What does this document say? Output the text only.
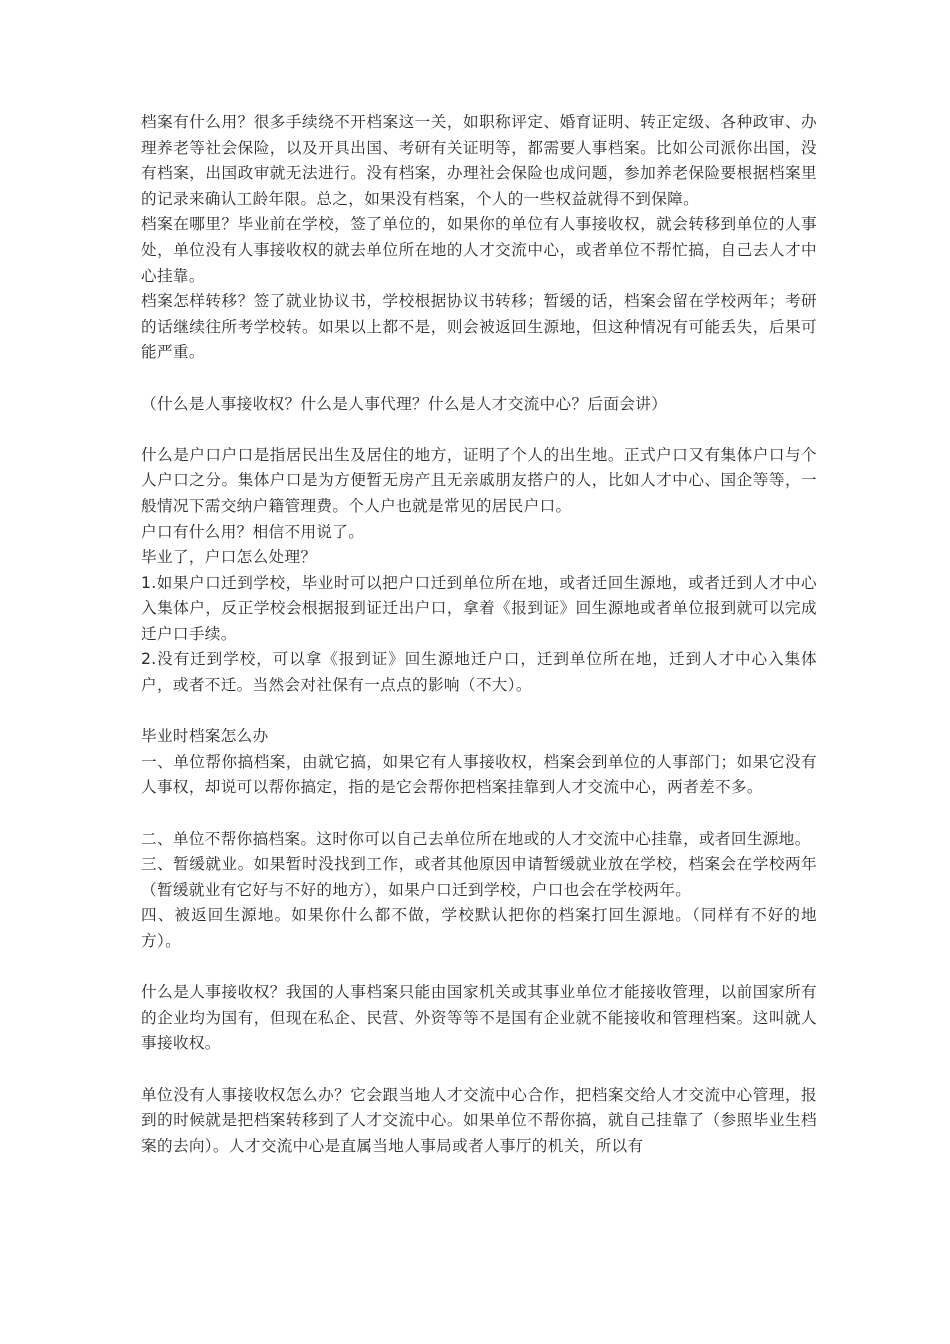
档案有什么用？很多手续绕不开档案这一关，如职称评定、婚育证明、转正定级、各种政审、办理养老等社会保险，以及开具出国、考研有关证明等，都需要人事档案。比如公司派你出国，没有档案，出国政审就无法进行。没有档案，办理社会保险也成问题，参加养老保险要根据档案里的记录来确认工龄年限。总之，如果没有档案，个人的一些权益就得不到保障。

档案在哪里？毕业前在学校，签了单位的，如果你的单位有人事接收权，就会转移到单位的人事处，单位没有人事接收权的就去单位所在地的人才交流中心，或者单位不帮忙搞，自己去人才中心挂靠。

档案怎样转移？签了就业协议书，学校根据协议书转移；暂缓的话，档案会留在学校两年；考研的话继续往所考学校转。如果以上都不是，则会被返回生源地，但这种情况有可能丢失，后果可能严重。

（什么是人事接收权？什么是人事代理？什么是人才交流中心？后面会讲）

什么是户口户口是指居民出生及居住的地方，证明了个人的出生地。正式户口又有集体户口与个人户口之分。集体户口是为方便暂无房产且无亲戚朋友搭户的人，比如人才中心、国企等等，一般情况下需交纳户籍管理费。个人户也就是常见的居民户口。

户口有什么用？相信不用说了。

毕业了，户口怎么处理？

1.如果户口迁到学校，毕业时可以把户口迁到单位所在地，或者迁回生源地，或者迁到人才中心入集体户，反正学校会根据报到证迁出户口，拿着《报到证》回生源地或者单位报到就可以完成迁户口手续。

2.没有迁到学校，可以拿《报到证》回生源地迁户口，迁到单位所在地，迁到人才中心入集体户，或者不迁。当然会对社保有一点点的影响（不大）。

毕业时档案怎么办

一、单位帮你搞档案，由就它搞，如果它有人事接收权，档案会到单位的人事部门；如果它没有人事权，却说可以帮你搞定，指的是它会帮你把档案挂靠到人才交流中心，两者差不多。

二、单位不帮你搞档案。这时你可以自己去单位所在地或的人才交流中心挂靠，或者回生源地。

三、暂缓就业。如果暂时没找到工作，或者其他原因申请暂缓就业放在学校，档案会在学校两年（暂缓就业有它好与不好的地方），如果户口迁到学校，户口也会在学校两年。

四、被返回生源地。如果你什么都不做，学校默认把你的档案打回生源地。（同样有不好的地方）。

什么是人事接收权？我国的人事档案只能由国家机关或其事业单位才能接收管理，以前国家所有的企业均为国有，但现在私企、民营、外资等等不是国有企业就不能接收和管理档案。这叫就人事接收权。

单位没有人事接收权怎么办？它会跟当地人才交流中心合作，把档案交给人才交流中心管理，报到的时候就是把档案转移到了人才交流中心。如果单位不帮你搞，就自己挂靠了（参照毕业生档案的去向）。人才交流中心是直属当地人事局或者人事厅的机关，所以有
